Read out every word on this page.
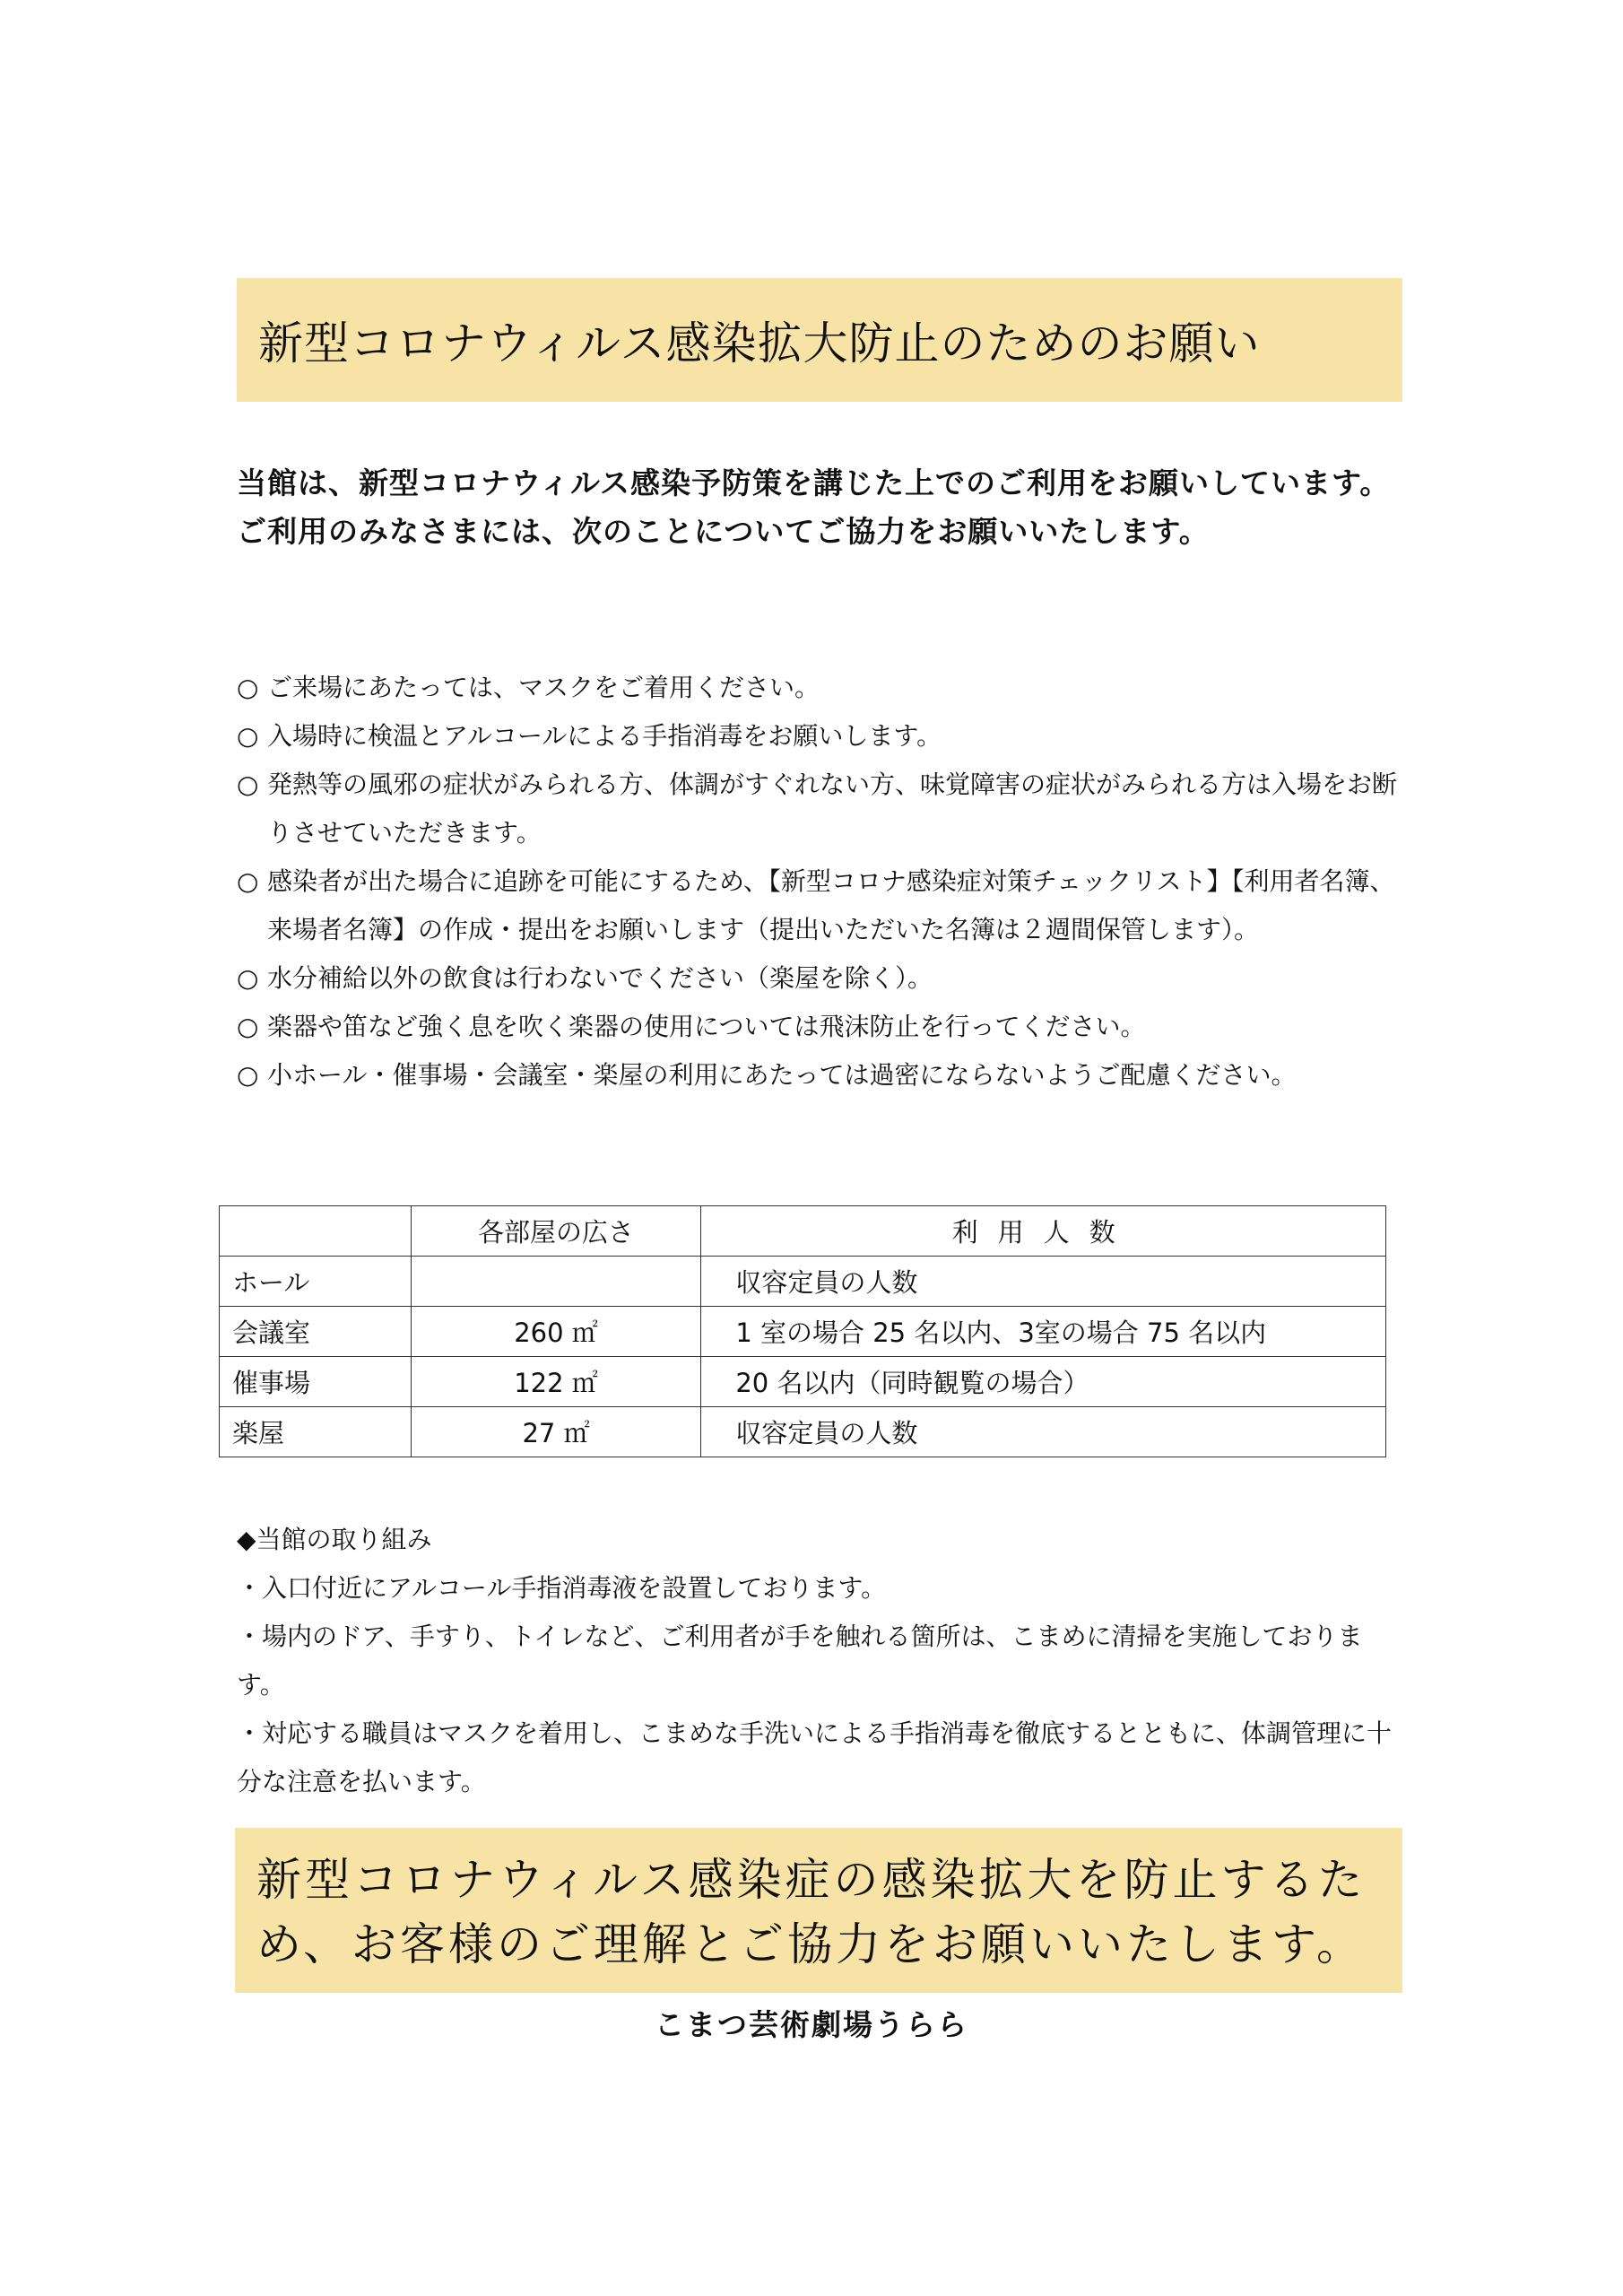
新型コロナウィルス感染拡大防止のためのお願い

当館は、新型コロナウィルス感染予防策を講じた上でのご利用をお願いしています。

ご利用のみなさまには、次のことについてご協力をお願いいたします。

○ ご来場にあたっては、マスクをご着用ください。
○ 入場時に検温とアルコールによる手指消毒をお願いします。
○ 発熱等の風邪の症状がみられる方、体調がすぐれない方、味覚障害の症状がみられる方は入場をお断りさせていただきます。
○ 感染者が出た場合に追跡を可能にするため、【新型コロナ感染症対策チェックリスト】【利用者名簿、来場者名簿】の作成・提出をお願いします（提出いただいた名簿は２週間保管します）。
○ 水分補給以外の飲食は行わないでください（楽屋を除く）。
○ 楽器や笛など強く息を吹く楽器の使用については飛沫防止を行ってください。
○ 小ホール・催事場・会議室・楽屋の利用にあたっては過密にならないようご配慮ください。
	各部屋の広さ	利用人数
ホール		収容定員の人数
会議室	260 ㎡	1 室の場合 25 名以内、3室の場合 75 名以内
催事場	122 ㎡	20 名以内（同時観覧の場合）
楽屋	27 ㎡	収容定員の人数

◆当館の取り組み

・入口付近にアルコール手指消毒液を設置しております。
・場内のドア、手すり、トイレなど、ご利用者が手を触れる箇所は、こまめに清掃を実施しております。
・対応する職員はマスクを着用し、こまめな手洗いによる手指消毒を徹底するとともに、体調管理に十分な注意を払います。

新型コロナウィルス感染症の感染拡大を防止するため、お客様のご理解とご協力をお願いいたします。

こまつ芸術劇場うらら
